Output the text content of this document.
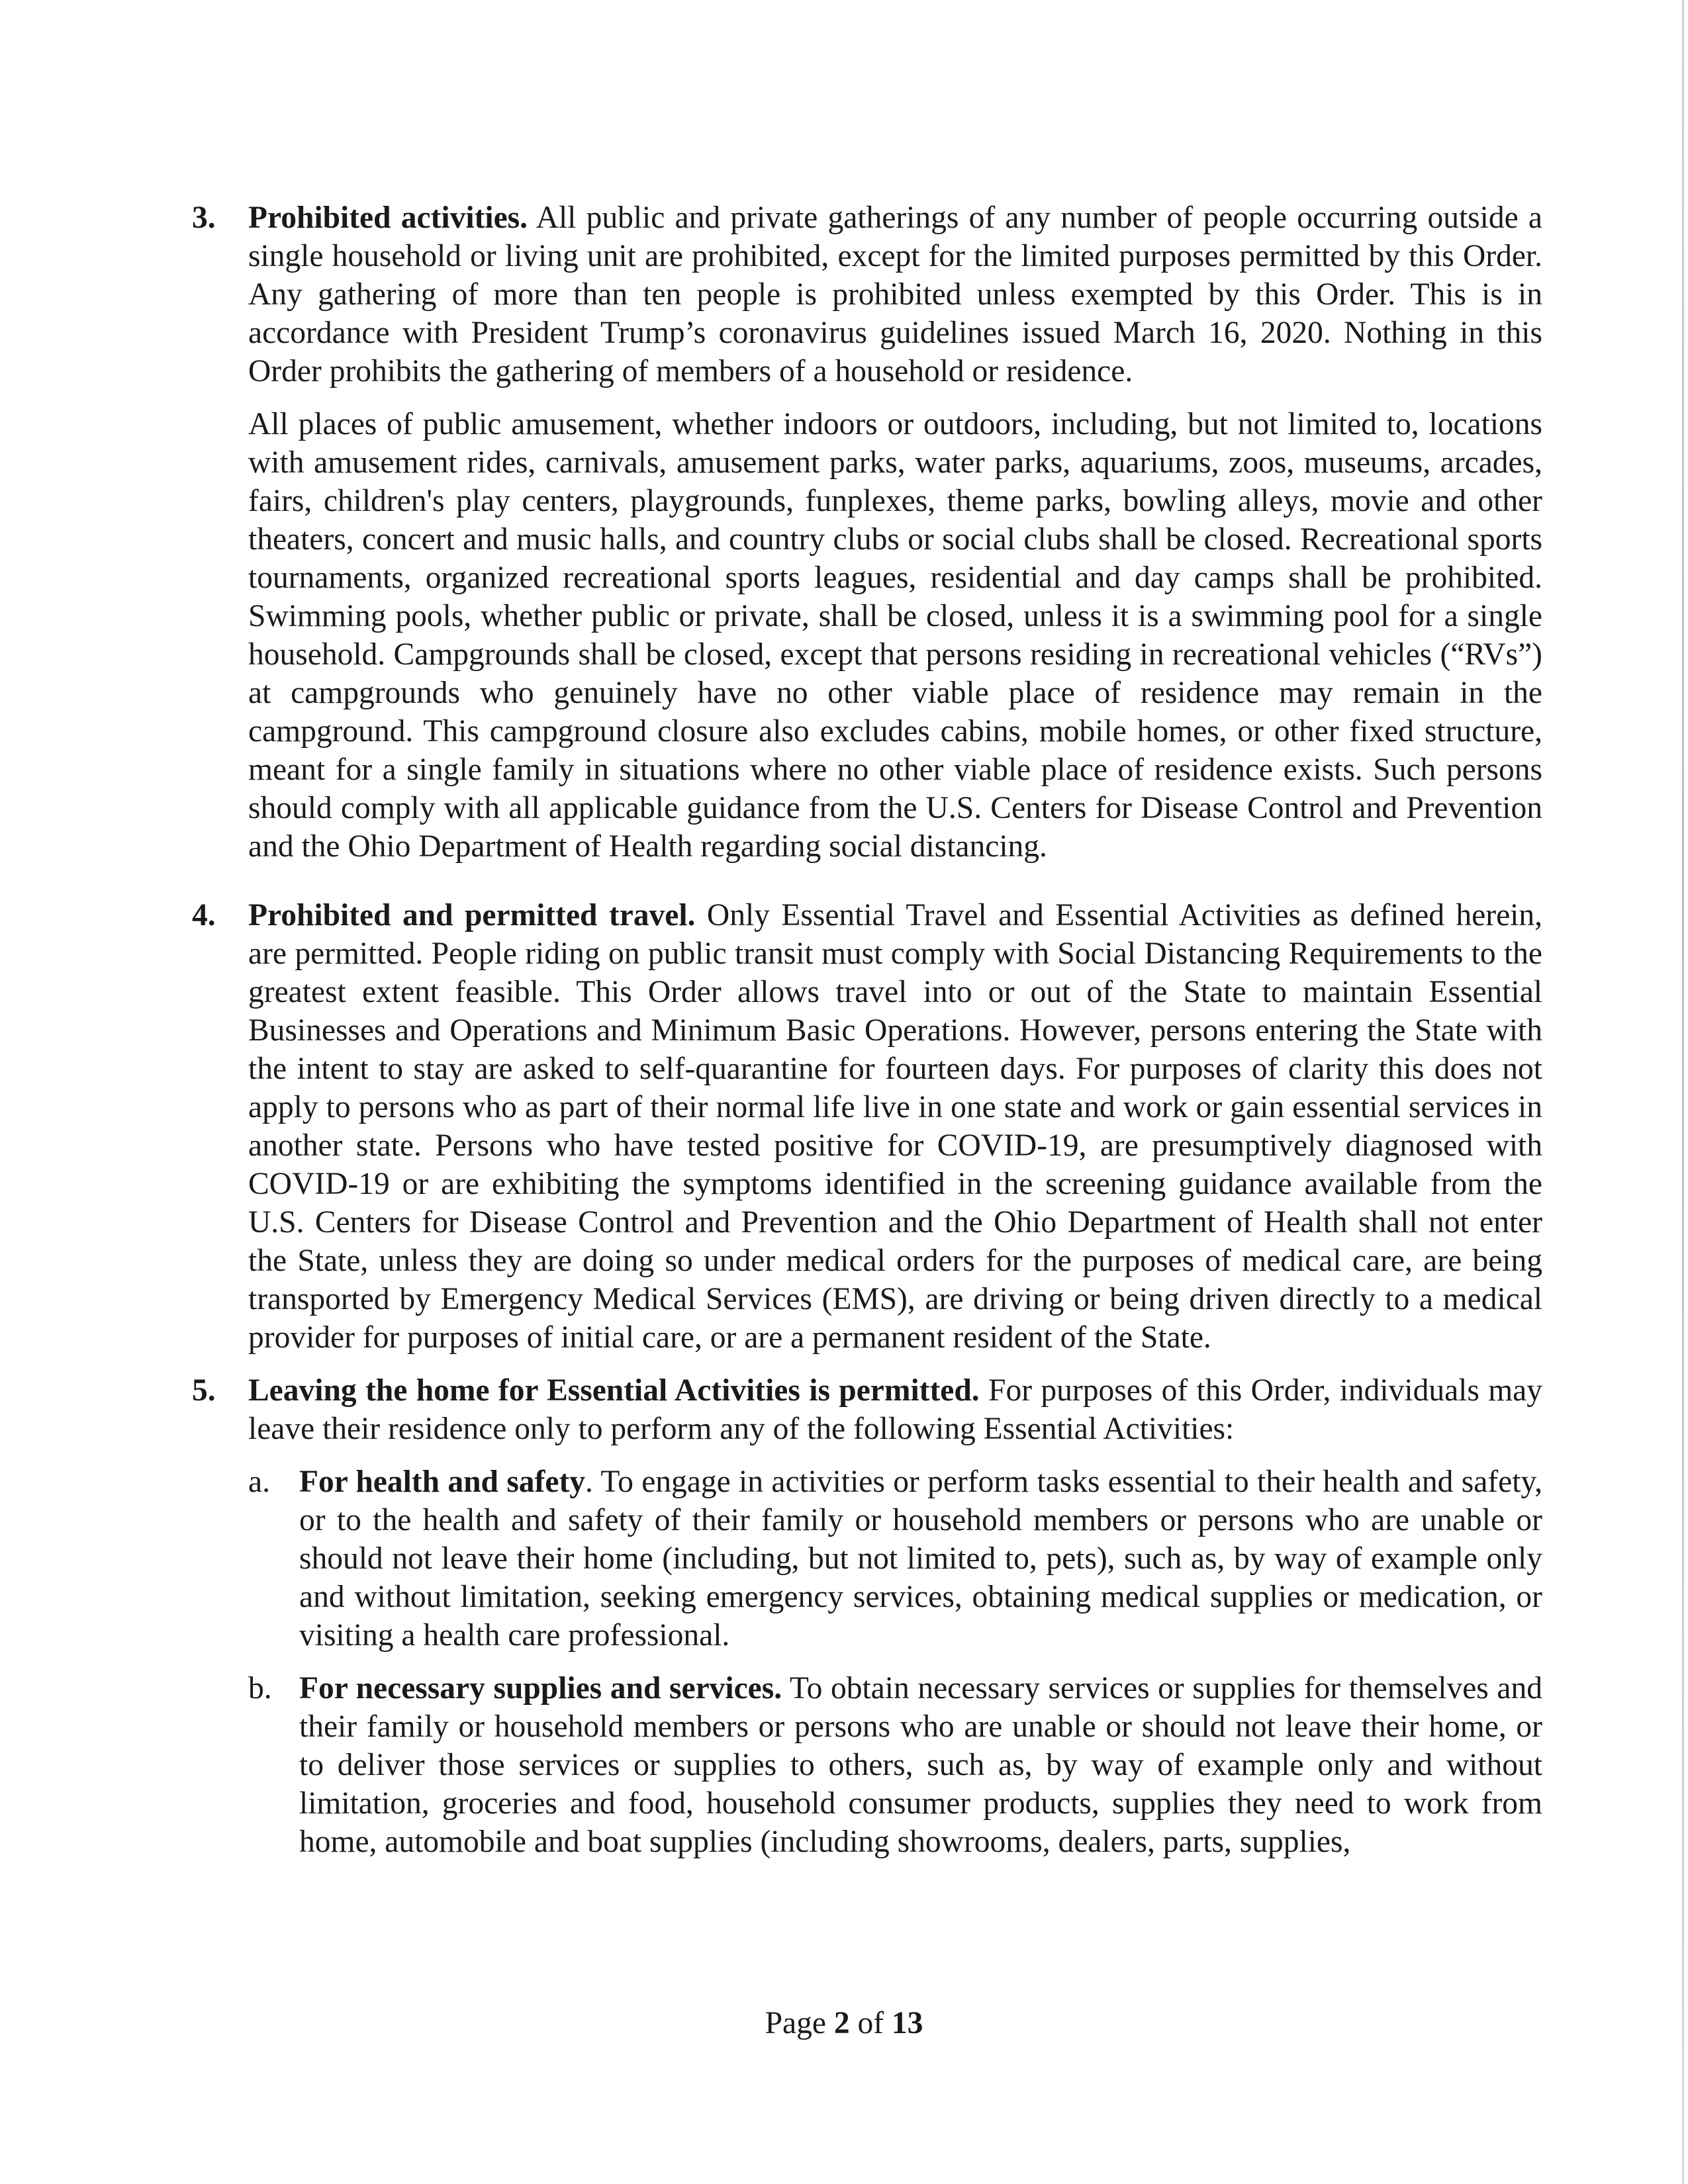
3. Prohibited activities. All public and private gatherings of any number of people occurring outside a single household or living unit are prohibited, except for the limited purposes permitted by this Order. Any gathering of more than ten people is prohibited unless exempted by this Order. This is in accordance with President Trump’s coronavirus guidelines issued March 16, 2020. Nothing in this Order prohibits the gathering of members of a household or residence.

All places of public amusement, whether indoors or outdoors, including, but not limited to, locations with amusement rides, carnivals, amusement parks, water parks, aquariums, zoos, museums, arcades, fairs, children's play centers, playgrounds, funplexes, theme parks, bowling alleys, movie and other theaters, concert and music halls, and country clubs or social clubs shall be closed. Recreational sports tournaments, organized recreational sports leagues, residential and day camps shall be prohibited. Swimming pools, whether public or private, shall be closed, unless it is a swimming pool for a single household. Campgrounds shall be closed, except that persons residing in recreational vehicles (“RVs”) at campgrounds who genuinely have no other viable place of residence may remain in the campground. This campground closure also excludes cabins, mobile homes, or other fixed structure, meant for a single family in situations where no other viable place of residence exists. Such persons should comply with all applicable guidance from the U.S. Centers for Disease Control and Prevention and the Ohio Department of Health regarding social distancing.

4. Prohibited and permitted travel. Only Essential Travel and Essential Activities as defined herein, are permitted. People riding on public transit must comply with Social Distancing Requirements to the greatest extent feasible. This Order allows travel into or out of the State to maintain Essential Businesses and Operations and Minimum Basic Operations. However, persons entering the State with the intent to stay are asked to self-quarantine for fourteen days. For purposes of clarity this does not apply to persons who as part of their normal life live in one state and work or gain essential services in another state. Persons who have tested positive for COVID-19, are presumptively diagnosed with COVID-19 or are exhibiting the symptoms identified in the screening guidance available from the U.S. Centers for Disease Control and Prevention and the Ohio Department of Health shall not enter the State, unless they are doing so under medical orders for the purposes of medical care, are being transported by Emergency Medical Services (EMS), are driving or being driven directly to a medical provider for purposes of initial care, or are a permanent resident of the State.

5. Leaving the home for Essential Activities is permitted. For purposes of this Order, individuals may leave their residence only to perform any of the following Essential Activities:

a. For health and safety. To engage in activities or perform tasks essential to their health and safety, or to the health and safety of their family or household members or persons who are unable or should not leave their home (including, but not limited to, pets), such as, by way of example only and without limitation, seeking emergency services, obtaining medical supplies or medication, or visiting a health care professional.

b. For necessary supplies and services. To obtain necessary services or supplies for themselves and their family or household members or persons who are unable or should not leave their home, or to deliver those services or supplies to others, such as, by way of example only and without limitation, groceries and food, household consumer products, supplies they need to work from home, automobile and boat supplies (including showrooms, dealers, parts, supplies,

Page 2 of 13
